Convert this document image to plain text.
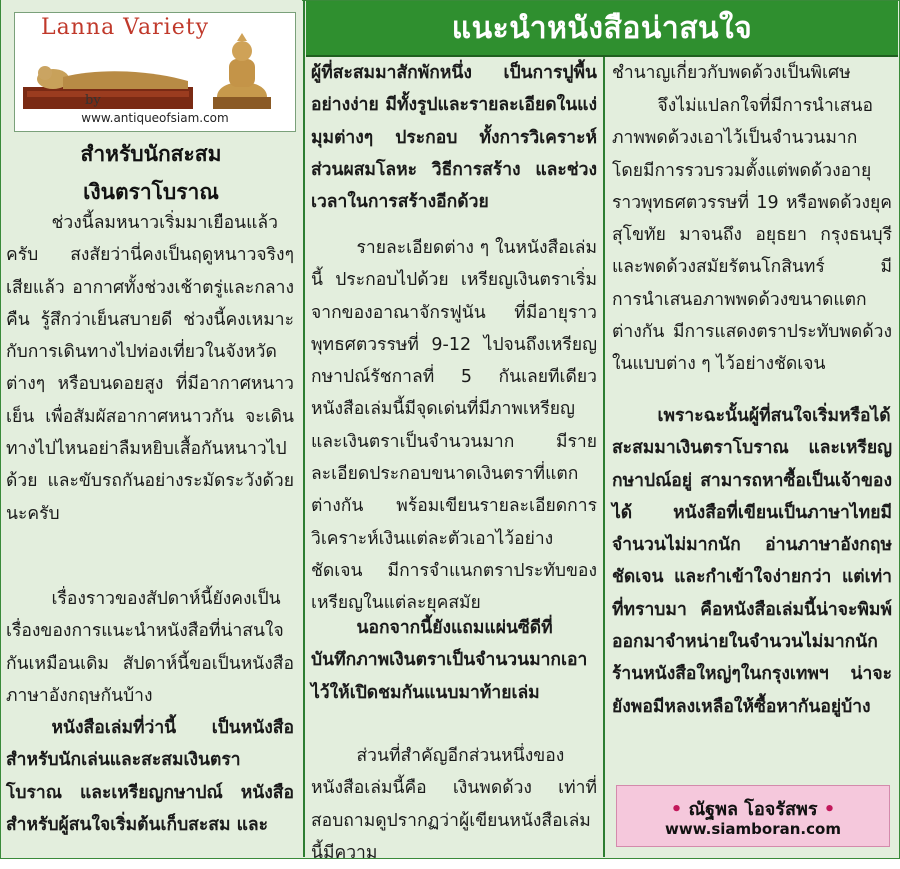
แนะนำหนังสือน่าสนใจ
Lanna Variety
by
www.antiqueofsiam.com
สำหรับนักสะสม
เงินตราโบราณ
ช่วงนี้ลมหนาวเริ่มมาเยือนแล้วครับ สงสัยว่านี่คงเป็นฤดูหนาวจริงๆ เสียแล้ว อากาศทั้งช่วงเช้าตรู่และกลางคืน รู้สึกว่าเย็นสบายดี ช่วงนี้คงเหมาะกับการเดินทางไปท่องเที่ยวในจังหวัดต่างๆ หรือบนดอยสูง ที่มีอากาศหนาวเย็น เพื่อสัมผัสอากาศหนาวกัน จะเดินทางไปไหนอย่าลืมหยิบเสื้อกันหนาวไปด้วย และขับรถกันอย่างระมัดระวังด้วยนะครับ
เรื่องราวของสัปดาห์นี้ยังคงเป็นเรื่องของการแนะนำหนังสือที่น่าสนใจกันเหมือนเดิม สัปดาห์นี้ขอเป็นหนังสือภาษาอังกฤษกันบ้าง
หนังสือเล่มที่ว่านี้ เป็นหนังสือสำหรับนักเล่นและสะสมเงินตราโบราณ และเหรียญกษาปณ์ หนังสือสำหรับผู้สนใจเริ่มต้นเก็บสะสม และ
ผู้ที่สะสมมาสักพักหนึ่ง เป็นการปูพื้นอย่างง่าย มีทั้งรูปและรายละเอียดในแง่มุมต่างๆ ประกอบ ทั้งการวิเคราะห์ส่วนผสมโลหะ วิธีการสร้าง และช่วงเวลาในการสร้างอีกด้วย
รายละเอียดต่าง ๆ ในหนังสือเล่มนี้ ประกอบไปด้วย เหรียญเงินตราเริ่มจากของอาณาจักรฟูนัน ที่มีอายุราวพุทธศตวรรษที่ 9-12 ไปจนถึงเหรียญกษาปณ์รัชกาลที่ 5 กันเลยทีเดียว หนังสือเล่มนี้มีจุดเด่นที่มีภาพเหรียญ และเงินตราเป็นจำนวนมาก มีรายละเอียดประกอบขนาดเงินตราที่แตกต่างกัน พร้อมเขียนรายละเอียดการวิเคราะห์เงินแต่ละตัวเอาไว้อย่างชัดเจน มีการจำแนกตราประทับของเหรียญในแต่ละยุคสมัย
นอกจากนี้ยังแถมแผ่นซีดีที่บันทึกภาพเงินตราเป็นจำนวนมากเอาไว้ให้เปิดชมกันแนบมาท้ายเล่ม
ส่วนที่สำคัญอีกส่วนหนึ่งของหนังสือเล่มนี้คือ เงินพดด้วง เท่าที่สอบถามดูปรากฏว่าผู้เขียนหนังสือเล่มนี้มีความ
ชำนาญเกี่ยวกับพดด้วงเป็นพิเศษ
จึงไม่แปลกใจที่มีการนำเสนอภาพพดด้วงเอาไว้เป็นจำนวนมาก โดยมีการรวบรวมตั้งแต่พดด้วงอายุราวพุทธศตวรรษที่ 19 หรือพดด้วงยุคสุโขทัย มาจนถึง อยุธยา กรุงธนบุรี และพดด้วงสมัยรัตนโกสินทร์ มีการนำเสนอภาพพดด้วงขนาดแตกต่างกัน มีการแสดงตราประทับพดด้วงในแบบต่าง ๆ ไว้อย่างชัดเจน
เพราะฉะนั้นผู้ที่สนใจเริ่มหรือได้สะสมมาเงินตราโบราณ และเหรียญกษาปณ์อยู่ สามารถหาซื้อเป็นเจ้าของได้ หนังสือที่เขียนเป็นภาษาไทยมีจำนวนไม่มากนัก อ่านภาษาอังกฤษชัดเจน และกำเข้าใจง่ายกว่า แต่เท่าที่ทราบมา คือหนังสือเล่มนี้น่าจะพิมพ์ออกมาจำหน่ายในจำนวนไม่มากนัก ร้านหนังสือใหญ่ๆในกรุงเทพฯ น่าจะยังพอมีหลงเหลือให้ซื้อหากันอยู่บ้าง
• ณัฐพล โอจรัสพร •
www.siamboran.com
